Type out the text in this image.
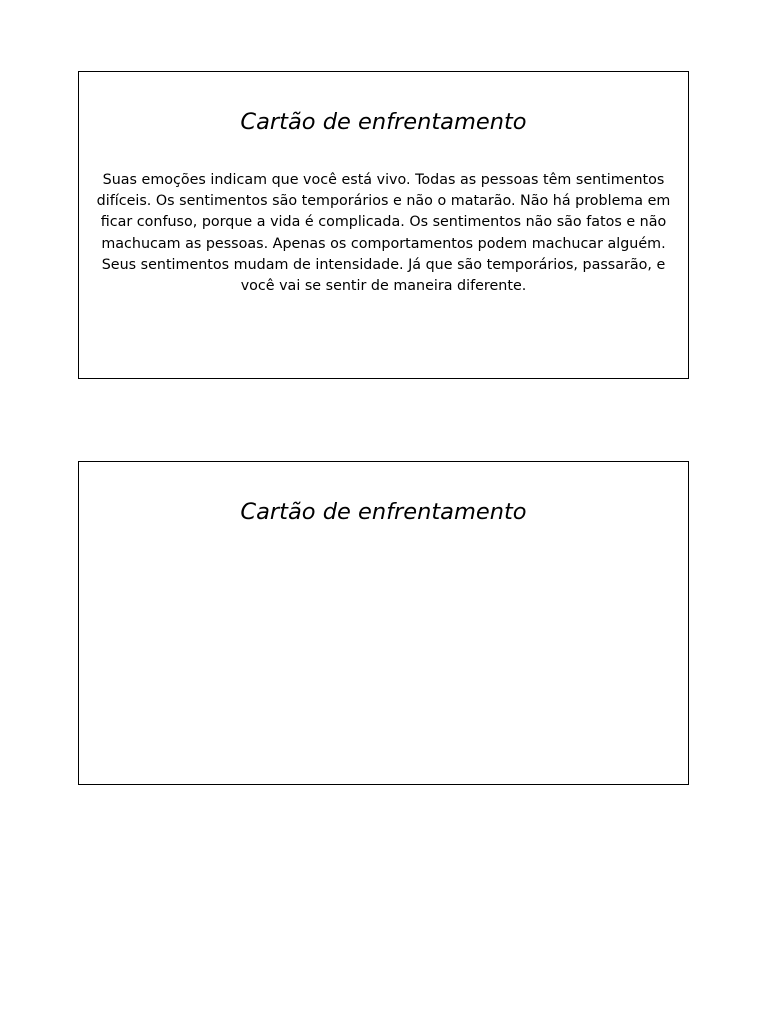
Cartão de enfrentamento

Suas emoções indicam que você está vivo. Todas as pessoas têm sentimentos difíceis. Os sentimentos são temporários e não o matarão. Não há problema em ficar confuso, porque a vida é complicada. Os sentimentos não são fatos e não machucam as pessoas. Apenas os comportamentos podem machucar alguém. Seus sentimentos mudam de intensidade. Já que são temporários, passarão, e você vai se sentir de maneira diferente.

Cartão de enfrentamento
